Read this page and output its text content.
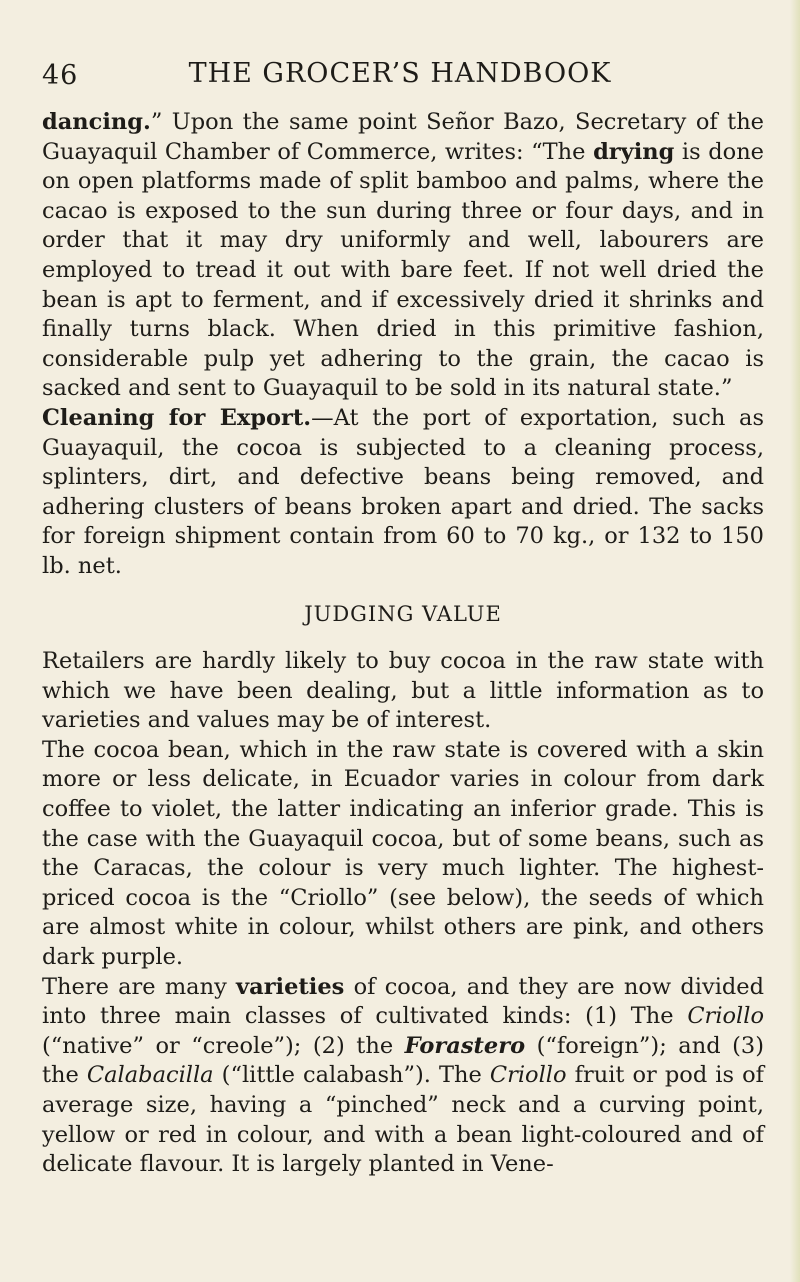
46	THE GROCER’S HANDBOOK

dancing.” Upon the same point Señor Bazo, Secretary of the Guayaquil Chamber of Commerce, writes: “The drying is done on open platforms made of split bamboo and palms, where the cacao is exposed to the sun during three or four days, and in order that it may dry uniformly and well, labourers are employed to tread it out with bare feet. If not well dried the bean is apt to ferment, and if excessively dried it shrinks and finally turns black. When dried in this primitive fashion, considerable pulp yet adhering to the grain, the cacao is sacked and sent to Guayaquil to be sold in its natural state.”

Cleaning for Export.—At the port of exportation, such as Guayaquil, the cocoa is subjected to a cleaning process, splinters, dirt, and defective beans being removed, and adhering clusters of beans broken apart and dried. The sacks for foreign shipment contain from 60 to 70 kg., or 132 to 150 lb. net.

JUDGING VALUE

Retailers are hardly likely to buy cocoa in the raw state with which we have been dealing, but a little information as to varieties and values may be of interest.

The cocoa bean, which in the raw state is covered with a skin more or less delicate, in Ecuador varies in colour from dark coffee to violet, the latter indicating an inferior grade. This is the case with the Guayaquil cocoa, but of some beans, such as the Caracas, the colour is very much lighter. The highest-priced cocoa is the “Criollo” (see below), the seeds of which are almost white in colour, whilst others are pink, and others dark purple.

There are many varieties of cocoa, and they are now divided into three main classes of cultivated kinds: (1) The Criollo (“native” or “creole”); (2) the Forastero (“foreign”); and (3) the Calabacilla (“little calabash”). The Criollo fruit or pod is of average size, having a “pinched” neck and a curving point, yellow or red in colour, and with a bean light-coloured and of delicate flavour. It is largely planted in Vene-
